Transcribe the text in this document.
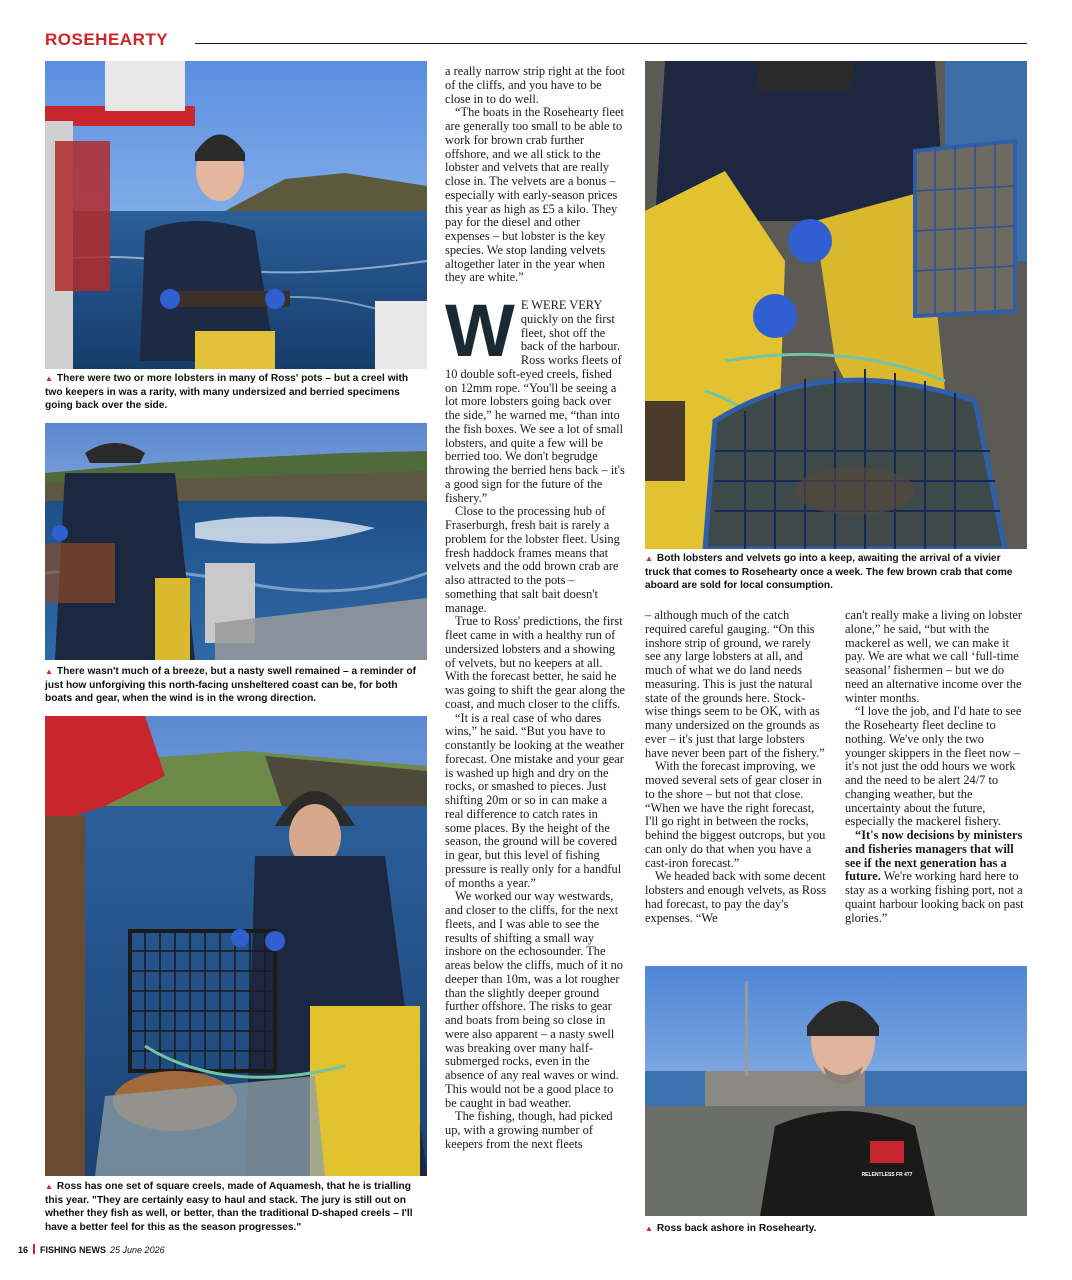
ROSEHEARTY
▲ There were two or more lobsters in many of Ross' pots – but a creel with two keepers in was a rarity, with many undersized and berried specimens going back over the side.
▲ There wasn't much of a breeze, but a nasty swell remained – a reminder of just how unforgiving this north-facing unsheltered coast can be, for both boats and gear, when the wind is in the wrong direction.
▲ Ross has one set of square creels, made of Aquamesh, that he is trialling this year. "They are certainly easy to haul and stack. The jury is still out on whether they fish as well, or better, than the traditional D-shaped creels – I'll have a better feel for this as the season progresses."
▲ Both lobsters and velvets go into a keep, awaiting the arrival of a vivier truck that comes to Rosehearty once a week. The few brown crab that come aboard are sold for local consumption.
RELENTLESS FR 477
▲ Ross back ashore in Rosehearty.

a really narrow strip right at the foot of the cliffs, and you have to be close in to do well.

“The boats in the Rosehearty fleet are generally too small to be able to work for brown crab further offshore, and we all stick to the lobster and velvets that are really close in. The velvets are a bonus – especially with early-season prices this year as high as £5 a kilo. They pay for the diesel and other expenses – but lobster is the key species. We stop landing velvets altogether later in the year when they are white.”

W E WERE VERY quickly on the first fleet, shot off the back of the harbour. Ross works fleets of 10 double soft-eyed creels, fished on 12mm rope. “You'll be seeing a lot more lobsters going back over the side,” he warned me, “than into the fish boxes. We see a lot of small lobsters, and quite a few will be berried too. We don't begrudge throwing the berried hens back – it's a good sign for the future of the fishery.”

Close to the processing hub of Fraserburgh, fresh bait is rarely a problem for the lobster fleet. Using fresh haddock frames means that velvets and the odd brown crab are also attracted to the pots – something that salt bait doesn't manage.

True to Ross' predictions, the first fleet came in with a healthy run of undersized lobsters and a showing of velvets, but no keepers at all. With the forecast better, he said he was going to shift the gear along the coast, and much closer to the cliffs.

“It is a real case of who dares wins,” he said. “But you have to constantly be looking at the weather forecast. One mistake and your gear is washed up high and dry on the rocks, or smashed to pieces. Just shifting 20m or so in can make a real difference to catch rates in some places. By the height of the season, the ground will be covered in gear, but this level of fishing pressure is really only for a handful of months a year.”

We worked our way westwards, and closer to the cliffs, for the next fleets, and I was able to see the results of shifting a small way inshore on the echosounder. The areas below the cliffs, much of it no deeper than 10m, was a lot rougher than the slightly deeper ground further offshore. The risks to gear and boats from being so close in were also apparent – a nasty swell was breaking over many half-submerged rocks, even in the absence of any real waves or wind. This would not be a good place to be caught in bad weather.

The fishing, though, had picked up, with a growing number of keepers from the next fleets

– although much of the catch required careful gauging. “On this inshore strip of ground, we rarely see any large lobsters at all, and much of what we do land needs measuring. This is just the natural state of the grounds here. Stock-wise things seem to be OK, with as many undersized on the grounds as ever – it's just that large lobsters have never been part of the fishery.”

With the forecast improving, we moved several sets of gear closer in to the shore – but not that close. “When we have the right forecast, I'll go right in between the rocks, behind the biggest outcrops, but you can only do that when you have a cast-iron forecast.”

We headed back with some decent lobsters and enough velvets, as Ross had forecast, to pay the day's expenses. “We

can't really make a living on lobster alone,” he said, “but with the mackerel as well, we can make it pay. We are what we call ‘full-time seasonal’ fishermen – but we do need an alternative income over the winter months.

“I love the job, and I'd hate to see the Rosehearty fleet decline to nothing. We've only the two younger skippers in the fleet now – it's not just the odd hours we work and the need to be alert 24/7 to changing weather, but the uncertainty about the future, especially the mackerel fishery.

“It's now decisions by ministers and fisheries managers that will see if the next generation has a future. We're working hard here to stay as a working fishing port, not a quaint harbour looking back on past glories.”

16 FISHING NEWS 25 June 2026
